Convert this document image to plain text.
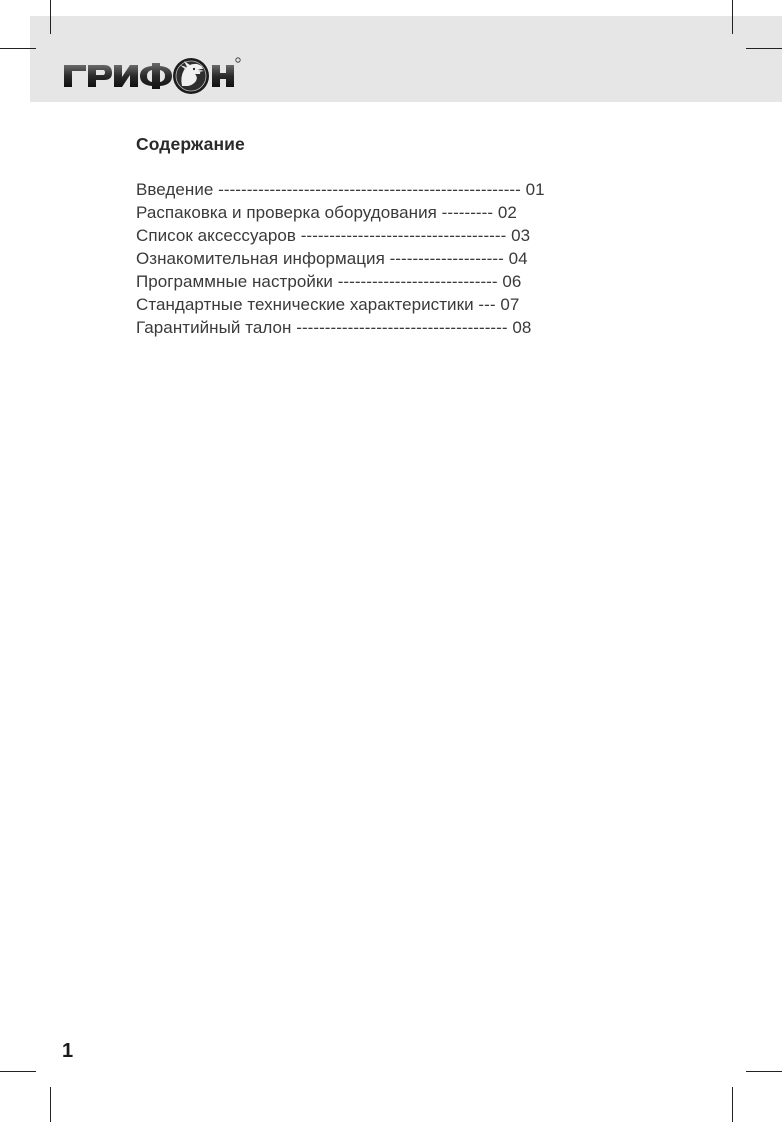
Содержание
Введение ----------------------------------------------------- 01
Распаковка и проверка оборудования --------- 02
Список аксессуаров ------------------------------------ 03
Ознакомительная информация -------------------- 04
Программные настройки ---------------------------- 06
Стандартные технические характеристики --- 07
Гарантийный талон ------------------------------------- 08
1
